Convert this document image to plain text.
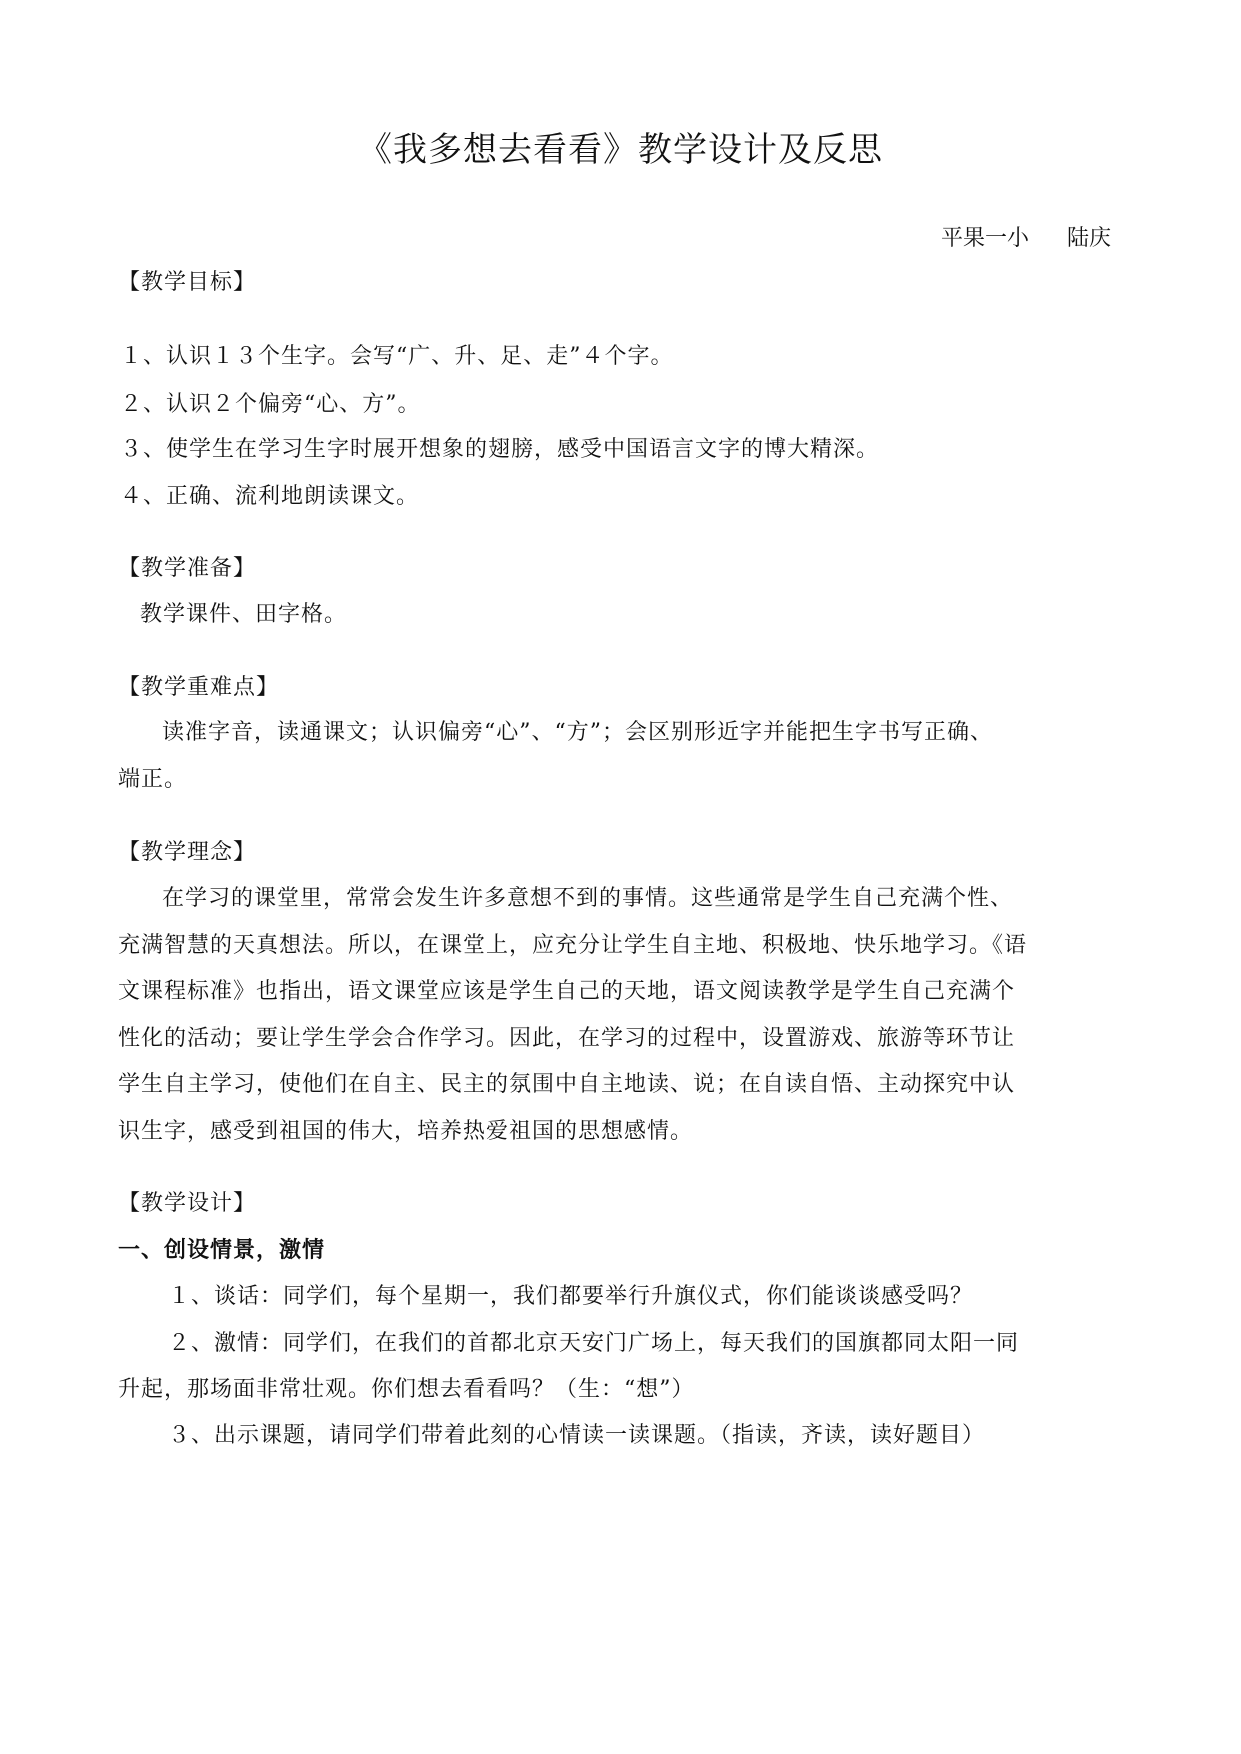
《我多想去看看》教学设计及反思
平果一小 陆庆
【教学目标】
１、认识１３个生字。会写“广、升、足、走”４个字。
２、认识２个偏旁“心、方”。
３、使学生在学习生字时展开想象的翅膀，感受中国语言文字的博大精深。
４、正确、流利地朗读课文。
【教学准备】
教学课件、田字格。
【教学重难点】
读准字音，读通课文；认识偏旁“心”、“方”；会区别形近字并能把生字书写正确、
端正。
【教学理念】
在学习的课堂里，常常会发生许多意想不到的事情。这些通常是学生自己充满个性、
充满智慧的天真想法。所以，在课堂上，应充分让学生自主地、积极地、快乐地学习。《语
文课程标准》也指出，语文课堂应该是学生自己的天地，语文阅读教学是学生自己充满个
性化的活动；要让学生学会合作学习。因此，在学习的过程中，设置游戏、旅游等环节让
学生自主学习，使他们在自主、民主的氛围中自主地读、说；在自读自悟、主动探究中认
识生字，感受到祖国的伟大，培养热爱祖国的思想感情。
【教学设计】
一、创设情景，激情
１、谈话：同学们，每个星期一，我们都要举行升旗仪式，你们能谈谈感受吗？
２、激情：同学们，在我们的首都北京天安门广场上，每天我们的国旗都同太阳一同
升起，那场面非常壮观。你们想去看看吗？（生：“想”）
３、出示课题，请同学们带着此刻的心情读一读课题。（指读，齐读，读好题目）
